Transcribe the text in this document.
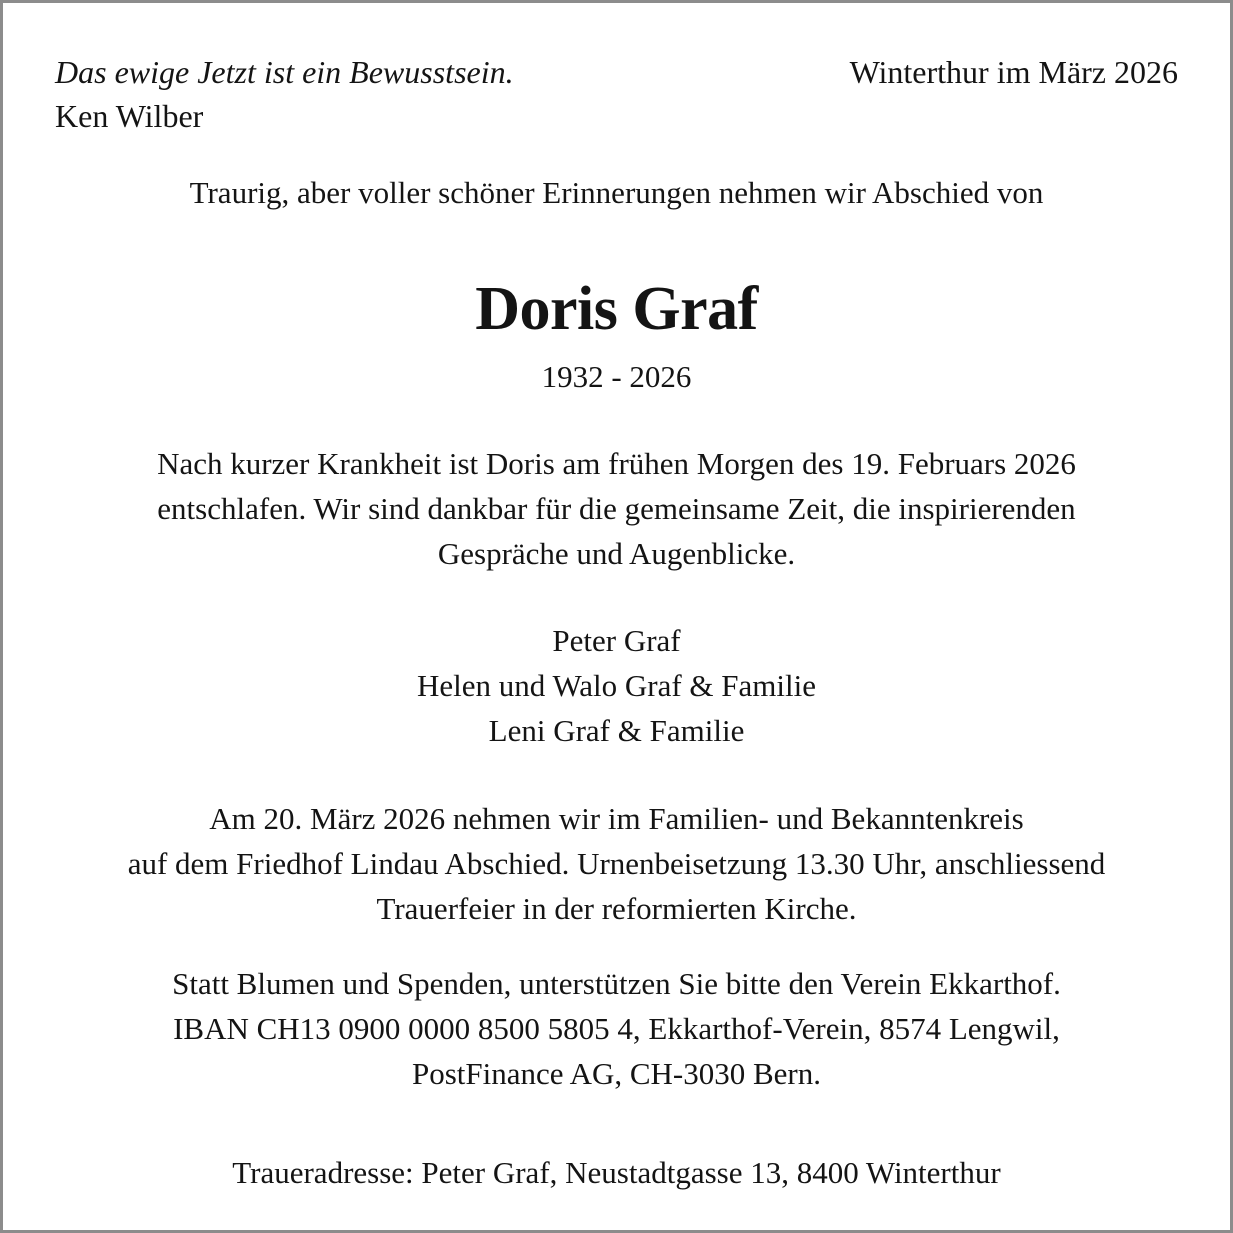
Das ewige Jetzt ist ein Bewusstsein.
Ken Wilber
Winterthur im März 2026
Traurig, aber voller schöner Erinnerungen nehmen wir Abschied von
Doris Graf
1932 - 2026
Nach kurzer Krankheit ist Doris am frühen Morgen des 19. Februars 2026
entschlafen. Wir sind dankbar für die gemeinsame Zeit, die inspirierenden
Gespräche und Augenblicke.
Peter Graf
Helen und Walo Graf & Familie
Leni Graf & Familie
Am 20. März 2026 nehmen wir im Familien- und Bekanntenkreis
auf dem Friedhof Lindau Abschied. Urnenbeisetzung 13.30 Uhr, anschliessend
Trauerfeier in der reformierten Kirche.
Statt Blumen und Spenden, unterstützen Sie bitte den Verein Ekkarthof.
IBAN CH13 0900 0000 8500 5805 4, Ekkarthof-Verein, 8574 Lengwil,
PostFinance AG, CH-3030 Bern.
Traueradresse: Peter Graf, Neustadtgasse 13, 8400 Winterthur
